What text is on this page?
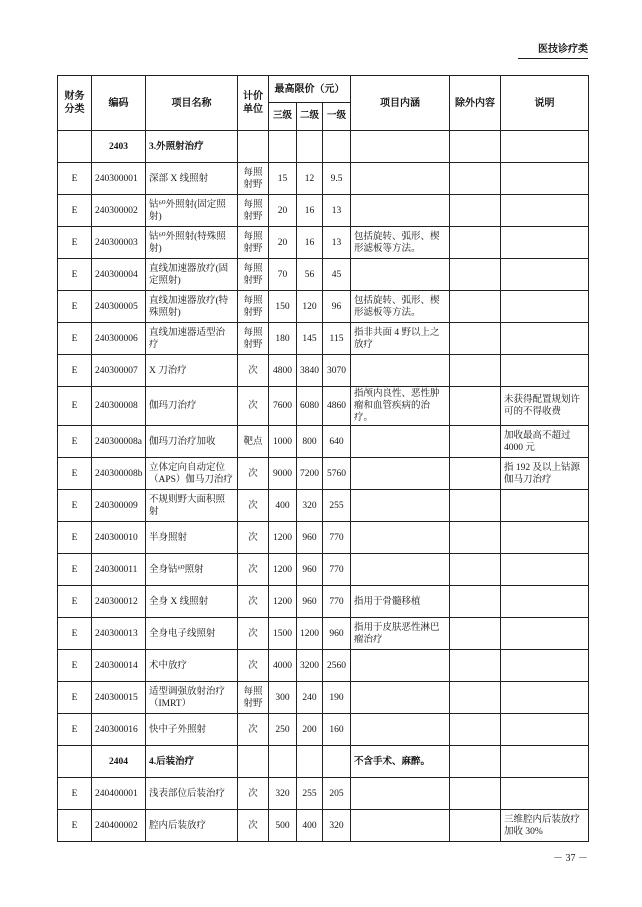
医技诊疗类
财务分类	编码	项目名称	计价单位	最高限价（元）			项目内涵	除外内容	说明
				三级	二级	一级			
	2403	3.外照射治疗							
E	240300001	深部 X 线照射	每照射野	15	12	9.5			
E	240300002	钴⁶⁰外照射(固定照射)	每照射野	20	16	13			
E	240300003	钴⁶⁰外照射(特殊照射)	每照射野	20	16	13	包括旋转、弧形、楔形滤板等方法。		
E	240300004	直线加速器放疗(固定照射)	每照射野	70	56	45			
E	240300005	直线加速器放疗(特殊照射)	每照射野	150	120	96	包括旋转、弧形、楔形滤板等方法。		
E	240300006	直线加速器适型治疗	每照射野	180	145	115	指非共面 4 野以上之放疗		
E	240300007	X 刀治疗	次	4800	3840	3070			
E	240300008	伽玛刀治疗	次	7600	6080	4860	指颅内良性、恶性肿瘤和血管疾病的治疗。		未获得配置规划许可的不得收费
E	240300008a	伽玛刀治疗加收	靶点	1000	800	640			加收最高不超过 4000 元
E	240300008b	立体定向自动定位（APS）伽马刀治疗	次	9000	7200	5760			指 192 及以上钴源伽马刀治疗
E	240300009	不规则野大面积照射	次	400	320	255			
E	240300010	半身照射	次	1200	960	770			
E	240300011	全身钴⁶⁰照射	次	1200	960	770			
E	240300012	全身 X 线照射	次	1200	960	770	指用于骨髓移植		
E	240300013	全身电子线照射	次	1500	1200	960	指用于皮肤恶性淋巴瘤治疗		
E	240300014	术中放疗	次	4000	3200	2560			
E	240300015	适型调强放射治疗（IMRT）	每照射野	300	240	190			
E	240300016	快中子外照射	次	250	200	160			
	2404	4.后装治疗					不含手术、麻醉。		
E	240400001	浅表部位后装治疗	次	320	255	205			
E	240400002	腔内后装放疗	次	500	400	320			三维腔内后装放疗加收 30%
－ 37 －
